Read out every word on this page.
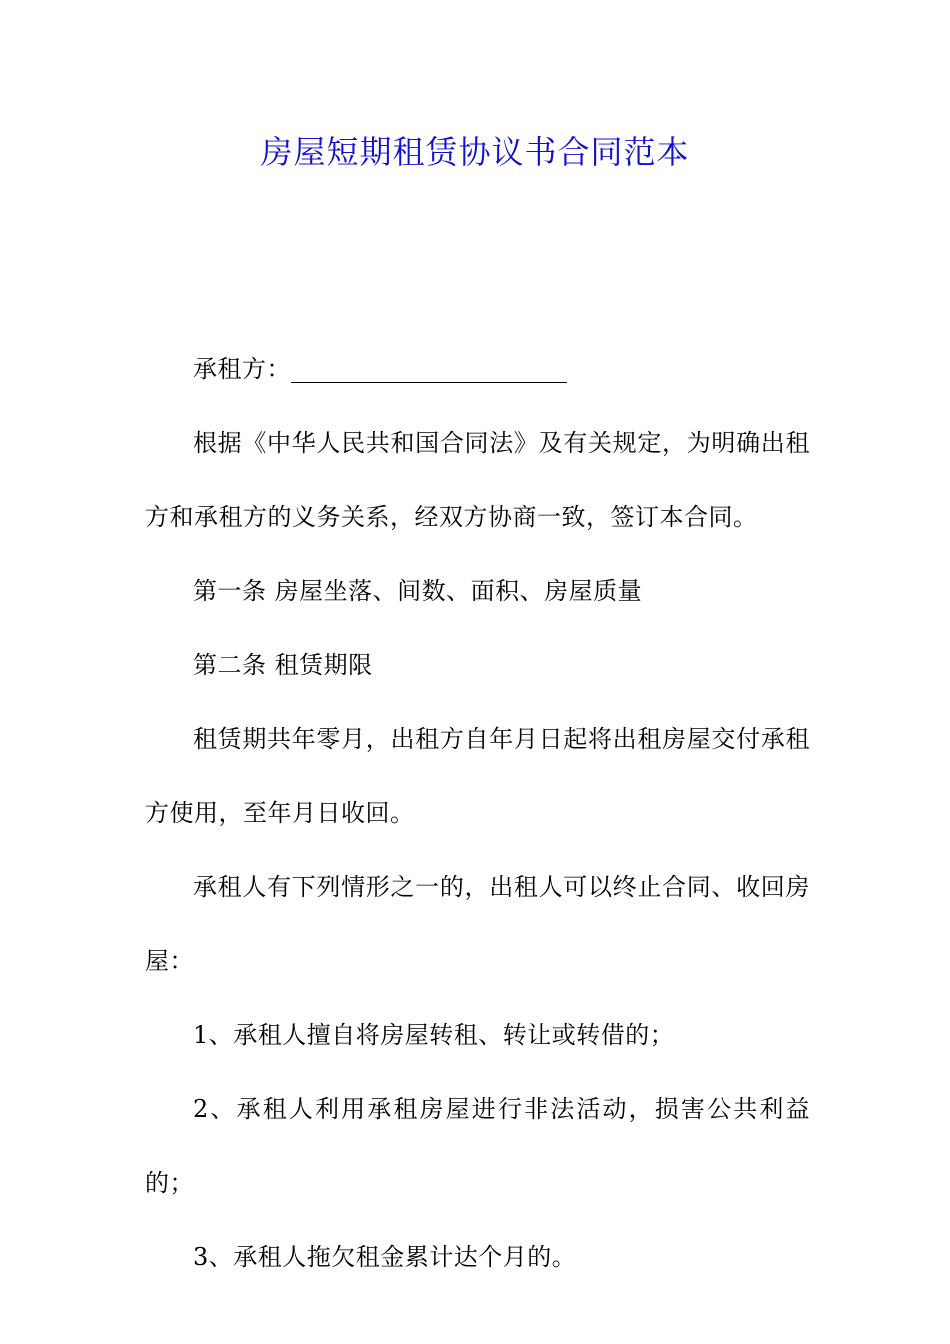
房屋短期租赁协议书合同范本

承租方：

根据《中华人民共和国合同法》及有关规定，为明确出租方和承租方的义务关系，经双方协商一致，签订本合同。

第一条 房屋坐落、间数、面积、房屋质量

第二条 租赁期限

租赁期共年零月，出租方自年月日起将出租房屋交付承租方使用，至年月日收回。

承租人有下列情形之一的，出租人可以终止合同、收回房屋：

1、承租人擅自将房屋转租、转让或转借的；

2、承租人利用承租房屋进行非法活动，损害公共利益的；

3、承租人拖欠租金累计达个月的。
